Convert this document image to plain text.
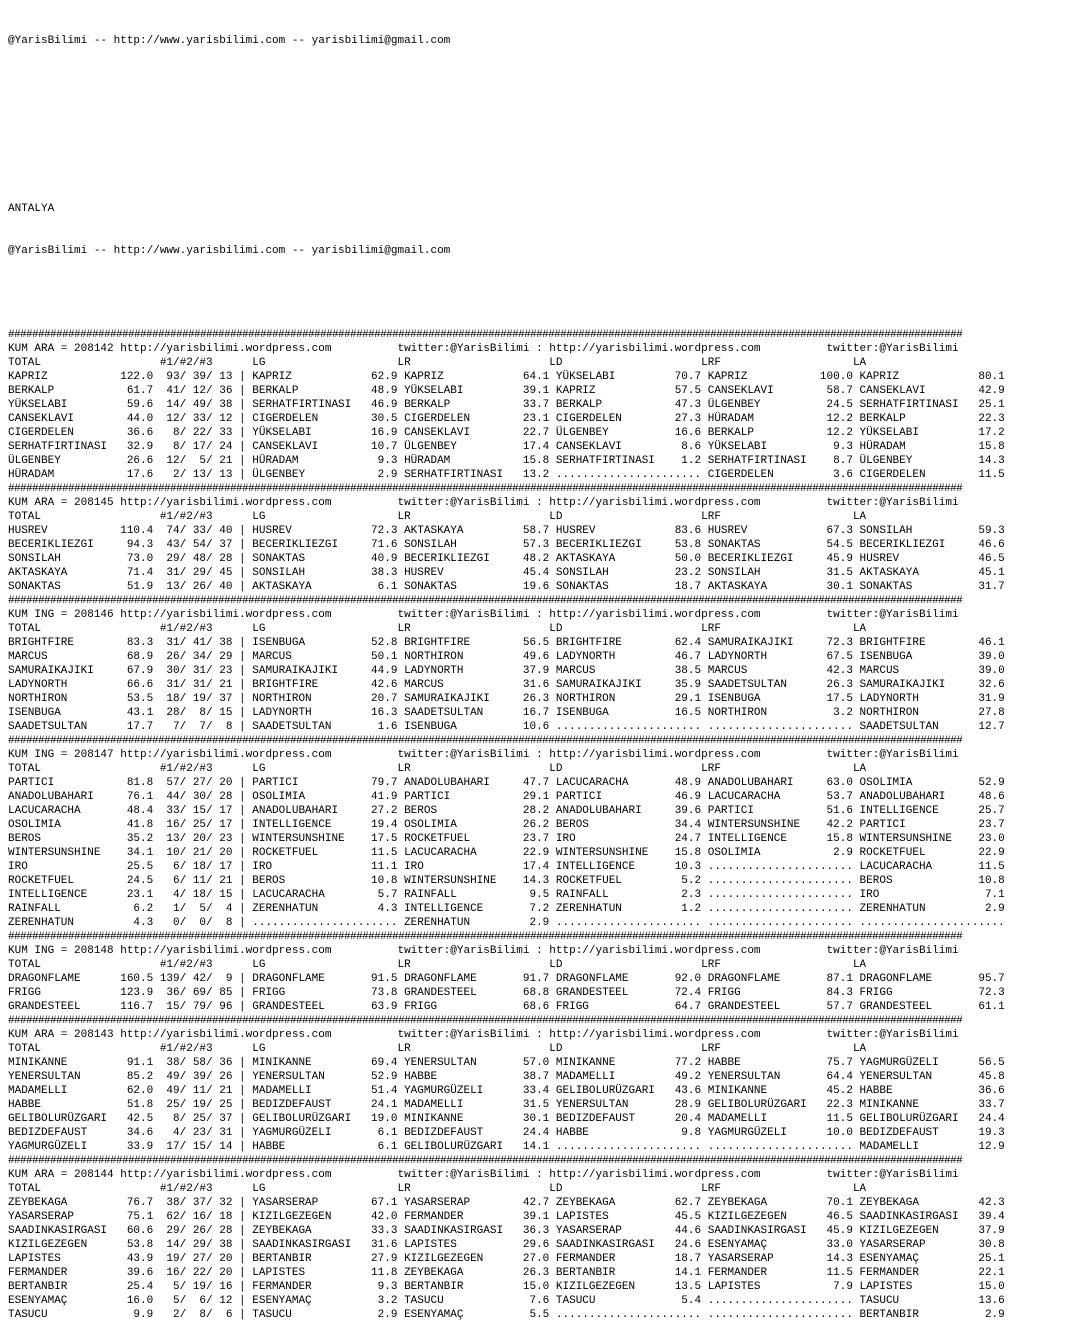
@YarisBilimi -- http://www.yarisbilimi.com -- yarisbilimi@gmail.com

ANTALYA

@YarisBilimi -- http://www.yarisbilimi.com -- yarisbilimi@gmail.com

###############################################################################################################################################################
KUM ARA = 208142 http://yarisbilimi.wordpress.com          twitter:@YarisBilimi : http://yarisbilimi.wordpress.com          twitter:@YarisBilimi
TOTAL                  #1/#2/#3      LG                    LR                     LD                     LRF                    LA
KAPRIZ           122.0  93/ 39/ 13 | KAPRIZ            62.9 KAPRIZ            64.1 YÜKSELABI         70.7 KAPRIZ           100.0 KAPRIZ            80.1
BERKALP           61.7  41/ 12/ 36 | BERKALP           48.9 YÜKSELABI         39.1 KAPRIZ            57.5 CANSEKLAVI        58.7 CANSEKLAVI        42.9
YÜKSELABI         59.6  14/ 49/ 38 | SERHATFIRTINASI   46.9 BERKALP           33.7 BERKALP           47.3 ÜLGENBEY          24.5 SERHATFIRTINASI   25.1
CANSEKLAVI        44.0  12/ 33/ 12 | CIGERDELEN        30.5 CIGERDELEN        23.1 CIGERDELEN        27.3 HÜRADAM           12.2 BERKALP           22.3
CIGERDELEN        36.6   8/ 22/ 33 | YÜKSELABI         16.9 CANSEKLAVI        22.7 ÜLGENBEY          16.6 BERKALP           12.2 YÜKSELABI         17.2
SERHATFIRTINASI   32.9   8/ 17/ 24 | CANSEKLAVI        10.7 ÜLGENBEY          17.4 CANSEKLAVI         8.6 YÜKSELABI          9.3 HÜRADAM           15.8
ÜLGENBEY          26.6  12/  5/ 21 | HÜRADAM            9.3 HÜRADAM           15.8 SERHATFIRTINASI    1.2 SERHATFIRTINASI    8.7 ÜLGENBEY          14.3
HÜRADAM           17.6   2/ 13/ 13 | ÜLGENBEY           2.9 SERHATFIRTINASI   13.2 ...................... CIGERDELEN         3.6 CIGERDELEN        11.5
###############################################################################################################################################################
KUM ARA = 208145 http://yarisbilimi.wordpress.com          twitter:@YarisBilimi : http://yarisbilimi.wordpress.com          twitter:@YarisBilimi
TOTAL                  #1/#2/#3      LG                    LR                     LD                     LRF                    LA
HUSREV           110.4  74/ 33/ 40 | HUSREV            72.3 AKTASKAYA         58.7 HUSREV            83.6 HUSREV            67.3 SONSILAH          59.3
BECERIKLIEZGI     94.3  43/ 54/ 37 | BECERIKLIEZGI     71.6 SONSILAH          57.3 BECERIKLIEZGI     53.8 SONAKTAS          54.5 BECERIKLIEZGI     46.6
SONSILAH          73.0  29/ 48/ 28 | SONAKTAS          40.9 BECERIKLIEZGI     48.2 AKTASKAYA         50.0 BECERIKLIEZGI     45.9 HUSREV            46.5
AKTASKAYA         71.4  31/ 29/ 45 | SONSILAH          38.3 HUSREV            45.4 SONSILAH          23.2 SONSILAH          31.5 AKTASKAYA         45.1
SONAKTAS          51.9  13/ 26/ 40 | AKTASKAYA          6.1 SONAKTAS          19.6 SONAKTAS          18.7 AKTASKAYA         30.1 SONAKTAS          31.7
###############################################################################################################################################################
KUM ING = 208146 http://yarisbilimi.wordpress.com          twitter:@YarisBilimi : http://yarisbilimi.wordpress.com          twitter:@YarisBilimi
TOTAL                  #1/#2/#3      LG                    LR                     LD                     LRF                    LA
BRIGHTFIRE        83.3  31/ 41/ 38 | ISENBUGA          52.8 BRIGHTFIRE        56.5 BRIGHTFIRE        62.4 SAMURAIKAJIKI     72.3 BRIGHTFIRE        46.1
MARCUS            68.9  26/ 34/ 29 | MARCUS            50.1 NORTHIRON         49.6 LADYNORTH         46.7 LADYNORTH         67.5 ISENBUGA          39.0
SAMURAIKAJIKI     67.9  30/ 31/ 23 | SAMURAIKAJIKI     44.9 LADYNORTH         37.9 MARCUS            38.5 MARCUS            42.3 MARCUS            39.0
LADYNORTH         66.6  31/ 31/ 21 | BRIGHTFIRE        42.6 MARCUS            31.6 SAMURAIKAJIKI     35.9 SAADETSULTAN      26.3 SAMURAIKAJIKI     32.6
NORTHIRON         53.5  18/ 19/ 37 | NORTHIRON         20.7 SAMURAIKAJIKI     26.3 NORTHIRON         29.1 ISENBUGA          17.5 LADYNORTH         31.9
ISENBUGA          43.1  28/  8/ 15 | LADYNORTH         16.3 SAADETSULTAN      16.7 ISENBUGA          16.5 NORTHIRON          3.2 NORTHIRON         27.8
SAADETSULTAN      17.7   7/  7/  8 | SAADETSULTAN       1.6 ISENBUGA          10.6 ...................... ...................... SAADETSULTAN      12.7
###############################################################################################################################################################
KUM ING = 208147 http://yarisbilimi.wordpress.com          twitter:@YarisBilimi : http://yarisbilimi.wordpress.com          twitter:@YarisBilimi
TOTAL                  #1/#2/#3      LG                    LR                     LD                     LRF                    LA
PARTICI           81.8  57/ 27/ 20 | PARTICI           79.7 ANADOLUBAHARI     47.7 LACUCARACHA       48.9 ANADOLUBAHARI     63.0 OSOLIMIA          52.9
ANADOLUBAHARI     76.1  44/ 30/ 28 | OSOLIMIA          41.9 PARTICI           29.1 PARTICI           46.9 LACUCARACHA       53.7 ANADOLUBAHARI     48.6
LACUCARACHA       48.4  33/ 15/ 17 | ANADOLUBAHARI     27.2 BEROS             28.2 ANADOLUBAHARI     39.6 PARTICI           51.6 INTELLIGENCE      25.7
OSOLIMIA          41.8  16/ 25/ 17 | INTELLIGENCE      19.4 OSOLIMIA          26.2 BEROS             34.4 WINTERSUNSHINE    42.2 PARTICI           23.7
BEROS             35.2  13/ 20/ 23 | WINTERSUNSHINE    17.5 ROCKETFUEL        23.7 IRO               24.7 INTELLIGENCE      15.8 WINTERSUNSHINE    23.0
WINTERSUNSHINE    34.1  10/ 21/ 20 | ROCKETFUEL        11.5 LACUCARACHA       22.9 WINTERSUNSHINE    15.8 OSOLIMIA           2.9 ROCKETFUEL        22.9
IRO               25.5   6/ 18/ 17 | IRO               11.1 IRO               17.4 INTELLIGENCE      10.3 ...................... LACUCARACHA       11.5
ROCKETFUEL        24.5   6/ 11/ 21 | BEROS             10.8 WINTERSUNSHINE    14.3 ROCKETFUEL         5.2 ...................... BEROS             10.8
INTELLIGENCE      23.1   4/ 18/ 15 | LACUCARACHA        5.7 RAINFALL           9.5 RAINFALL           2.3 ...................... IRO                7.1
RAINFALL           6.2   1/  5/  4 | ZERENHATUN         4.3 INTELLIGENCE       7.2 ZERENHATUN         1.2 ...................... ZERENHATUN         2.9
ZERENHATUN         4.3   0/  0/  8 | ...................... ZERENHATUN         2.9 ...................... ...................... ......................
###############################################################################################################################################################
KUM ING = 208148 http://yarisbilimi.wordpress.com          twitter:@YarisBilimi : http://yarisbilimi.wordpress.com          twitter:@YarisBilimi
TOTAL                  #1/#2/#3      LG                    LR                     LD                     LRF                    LA
DRAGONFLAME      160.5 139/ 42/  9 | DRAGONFLAME       91.5 DRAGONFLAME       91.7 DRAGONFLAME       92.0 DRAGONFLAME       87.1 DRAGONFLAME       95.7
FRIGG            123.9  36/ 69/ 85 | FRIGG             73.8 GRANDESTEEL       68.8 GRANDESTEEL       72.4 FRIGG             84.3 FRIGG             72.3
GRANDESTEEL      116.7  15/ 79/ 96 | GRANDESTEEL       63.9 FRIGG             68.6 FRIGG             64.7 GRANDESTEEL       57.7 GRANDESTEEL       61.1
###############################################################################################################################################################
KUM ARA = 208143 http://yarisbilimi.wordpress.com          twitter:@YarisBilimi : http://yarisbilimi.wordpress.com          twitter:@YarisBilimi
TOTAL                  #1/#2/#3      LG                    LR                     LD                     LRF                    LA
MINIKANNE         91.1  38/ 58/ 36 | MINIKANNE         69.4 YENERSULTAN       57.0 MINIKANNE         77.2 HABBE             75.7 YAGMURGÜZELI      56.5
YENERSULTAN       85.2  49/ 39/ 26 | YENERSULTAN       52.9 HABBE             38.7 MADAMELLI         49.2 YENERSULTAN       64.4 YENERSULTAN       45.8
MADAMELLI         62.0  49/ 11/ 21 | MADAMELLI         51.4 YAGMURGÜZELI      33.4 GELIBOLURÜZGARI   43.6 MINIKANNE         45.2 HABBE             36.6
HABBE             51.8  25/ 19/ 25 | BEDIZDEFAUST      24.1 MADAMELLI         31.5 YENERSULTAN       28.9 GELIBOLURÜZGARI   22.3 MINIKANNE         33.7
GELIBOLURÜZGARI   42.5   8/ 25/ 37 | GELIBOLURÜZGARI   19.0 MINIKANNE         30.1 BEDIZDEFAUST      20.4 MADAMELLI         11.5 GELIBOLURÜZGARI   24.4
BEDIZDEFAUST      34.6   4/ 23/ 31 | YAGMURGÜZELI       6.1 BEDIZDEFAUST      24.4 HABBE              9.8 YAGMURGÜZELI      10.0 BEDIZDEFAUST      19.3
YAGMURGÜZELI      33.9  17/ 15/ 14 | HABBE              6.1 GELIBOLURÜZGARI   14.1 ...................... ...................... MADAMELLI         12.9
###############################################################################################################################################################
KUM ARA = 208144 http://yarisbilimi.wordpress.com          twitter:@YarisBilimi : http://yarisbilimi.wordpress.com          twitter:@YarisBilimi
TOTAL                  #1/#2/#3      LG                    LR                     LD                     LRF                    LA
ZEYBEKAGA         76.7  38/ 37/ 32 | YASARSERAP        67.1 YASARSERAP        42.7 ZEYBEKAGA         62.7 ZEYBEKAGA         70.1 ZEYBEKAGA         42.3
YASARSERAP        75.1  62/ 16/ 18 | KIZILGEZEGEN      42.0 FERMANDER         39.1 LAPISTES          45.5 KIZILGEZEGEN      46.5 SAADINKASIRGASI   39.4
SAADINKASIRGASI   60.6  29/ 26/ 28 | ZEYBEKAGA         33.3 SAADINKASIRGASI   36.3 YASARSERAP        44.6 SAADINKASIRGASI   45.9 KIZILGEZEGEN      37.9
KIZILGEZEGEN      53.8  14/ 29/ 38 | SAADINKASIRGASI   31.6 LAPISTES          29.6 SAADINKASIRGASI   24.6 ESENYAMAÇ         33.0 YASARSERAP        30.8
LAPISTES          43.9  19/ 27/ 20 | BERTANBIR         27.9 KIZILGEZEGEN      27.0 FERMANDER         18.7 YASARSERAP        14.3 ESENYAMAÇ         25.1
FERMANDER         39.6  16/ 22/ 20 | LAPISTES          11.8 ZEYBEKAGA         26.3 BERTANBIR         14.1 FERMANDER         11.5 FERMANDER         22.1
BERTANBIR         25.4   5/ 19/ 16 | FERMANDER          9.3 BERTANBIR         15.0 KIZILGEZEGEN      13.5 LAPISTES           7.9 LAPISTES          15.0
ESENYAMAÇ         16.0   5/  6/ 12 | ESENYAMAÇ          3.2 TASUCU             7.6 TASUCU             5.4 ...................... TASUCU            13.6
TASUCU             9.9   2/  8/  6 | TASUCU             2.9 ESENYAMAÇ          5.5 ...................... ...................... BERTANBIR          2.9
